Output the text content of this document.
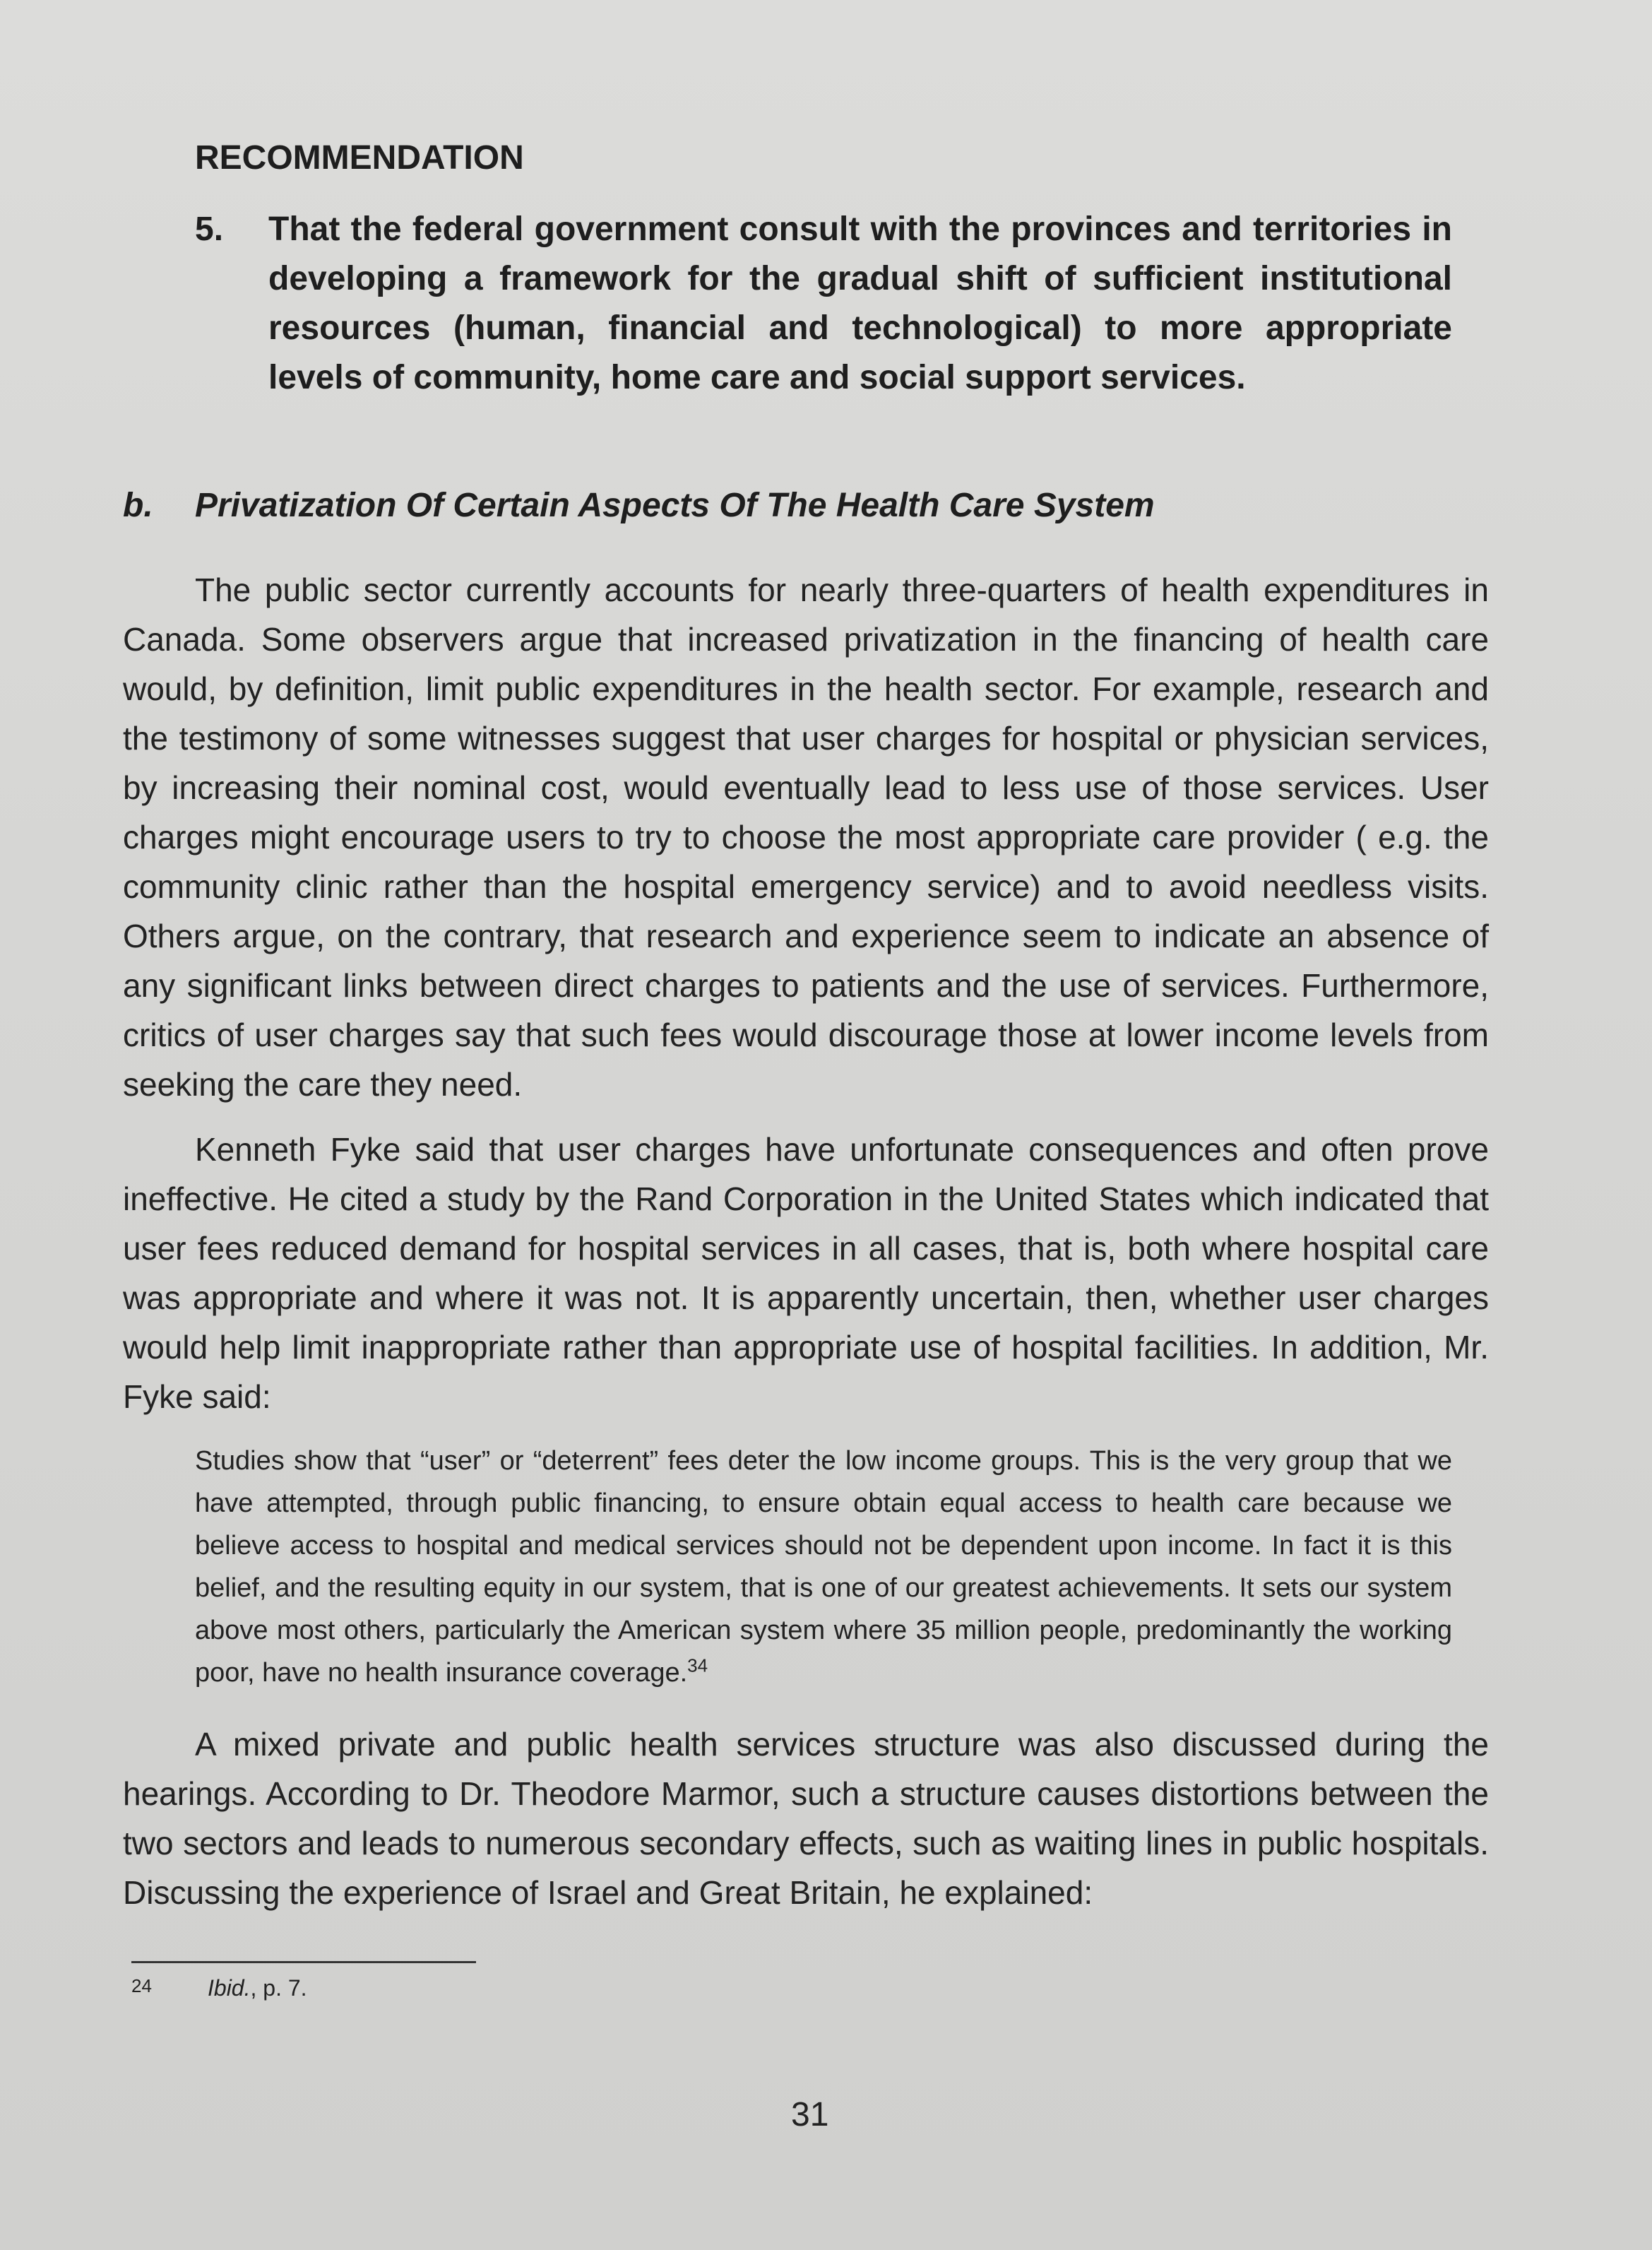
RECOMMENDATION
5. That the federal government consult with the provinces and territories in developing a framework for the gradual shift of sufficient institutional resources (human, financial and technological) to more appropriate levels of community, home care and social support services.
b. Privatization Of Certain Aspects Of The Health Care System

The public sector currently accounts for nearly three-quarters of health expenditures in Canada. Some observers argue that increased privatization in the financing of health care would, by definition, limit public expenditures in the health sector. For example, research and the testimony of some witnesses suggest that user charges for hospital or physician services, by increasing their nominal cost, would eventually lead to less use of those services. User charges might encourage users to try to choose the most appropriate care provider ( e.g. the community clinic rather than the hospital emergency service) and to avoid needless visits. Others argue, on the contrary, that research and experience seem to indicate an absence of any significant links between direct charges to patients and the use of services. Furthermore, critics of user charges say that such fees would discourage those at lower income levels from seeking the care they need.

Kenneth Fyke said that user charges have unfortunate consequences and often prove ineffective. He cited a study by the Rand Corporation in the United States which indicated that user fees reduced demand for hospital services in all cases, that is, both where hospital care was appropriate and where it was not. It is apparently uncertain, then, whether user charges would help limit inappropriate rather than appropriate use of hospital facilities. In addition, Mr. Fyke said:

Studies show that “user” or “deterrent” fees deter the low income groups. This is the very group that we have attempted, through public financing, to ensure obtain equal access to health care because we believe access to hospital and medical services should not be dependent upon income. In fact it is this belief, and the resulting equity in our system, that is one of our greatest achievements. It sets our system above most others, particularly the American system where 35 million people, predominantly the working poor, have no health insurance coverage.$^{34}$

A mixed private and public health services structure was also discussed during the hearings. According to Dr. Theodore Marmor, such a structure causes distortions between the two sectors and leads to numerous secondary effects, such as waiting lines in public hospitals. Discussing the experience of Israel and Great Britain, he explained:

24 Ibid., p. 7.
31
